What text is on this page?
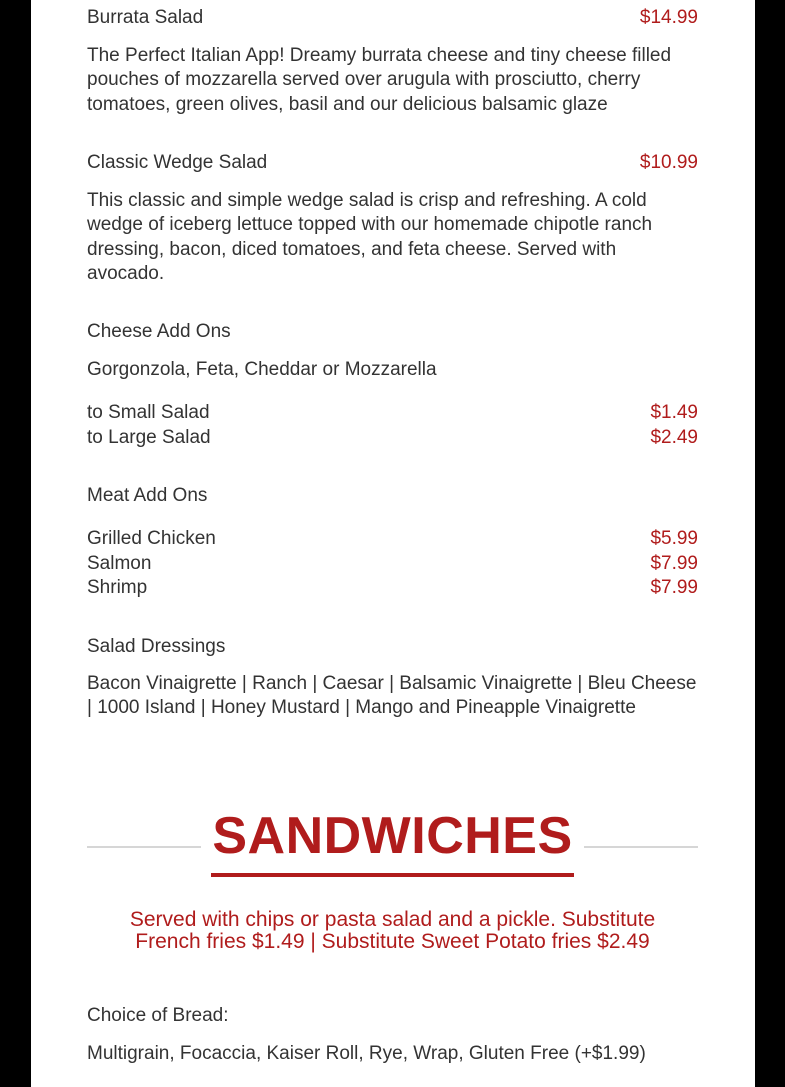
Burrata Salad	$14.99

The Perfect Italian App! Dreamy burrata cheese and tiny cheese filled pouches of mozzarella served over arugula with prosciutto, cherry tomatoes, green olives, basil and our delicious balsamic glaze

Classic Wedge Salad	$10.99

This classic and simple wedge salad is crisp and refreshing. A cold wedge of iceberg lettuce topped with our homemade chipotle ranch dressing, bacon, diced tomatoes, and feta cheese. Served with avocado.

Cheese Add Ons
Gorgonzola, Feta, Cheddar or Mozzarella
to Small Salad	$1.49
to Large Salad	$2.49
Meat Add Ons
Grilled Chicken	$5.99
Salmon	$7.99
Shrimp	$7.99
Salad Dressings

Bacon Vinaigrette | Ranch | Caesar | Balsamic Vinaigrette | Bleu Cheese | 1000 Island | Honey Mustard | Mango and Pineapple Vinaigrette

SANDWICHES
Served with chips or pasta salad and a pickle. Substitute
French fries $1.49 | Substitute Sweet Potato fries $2.49
Choice of Bread:
Multigrain, Focaccia, Kaiser Roll, Rye, Wrap, Gluten Free (+$1.99)
